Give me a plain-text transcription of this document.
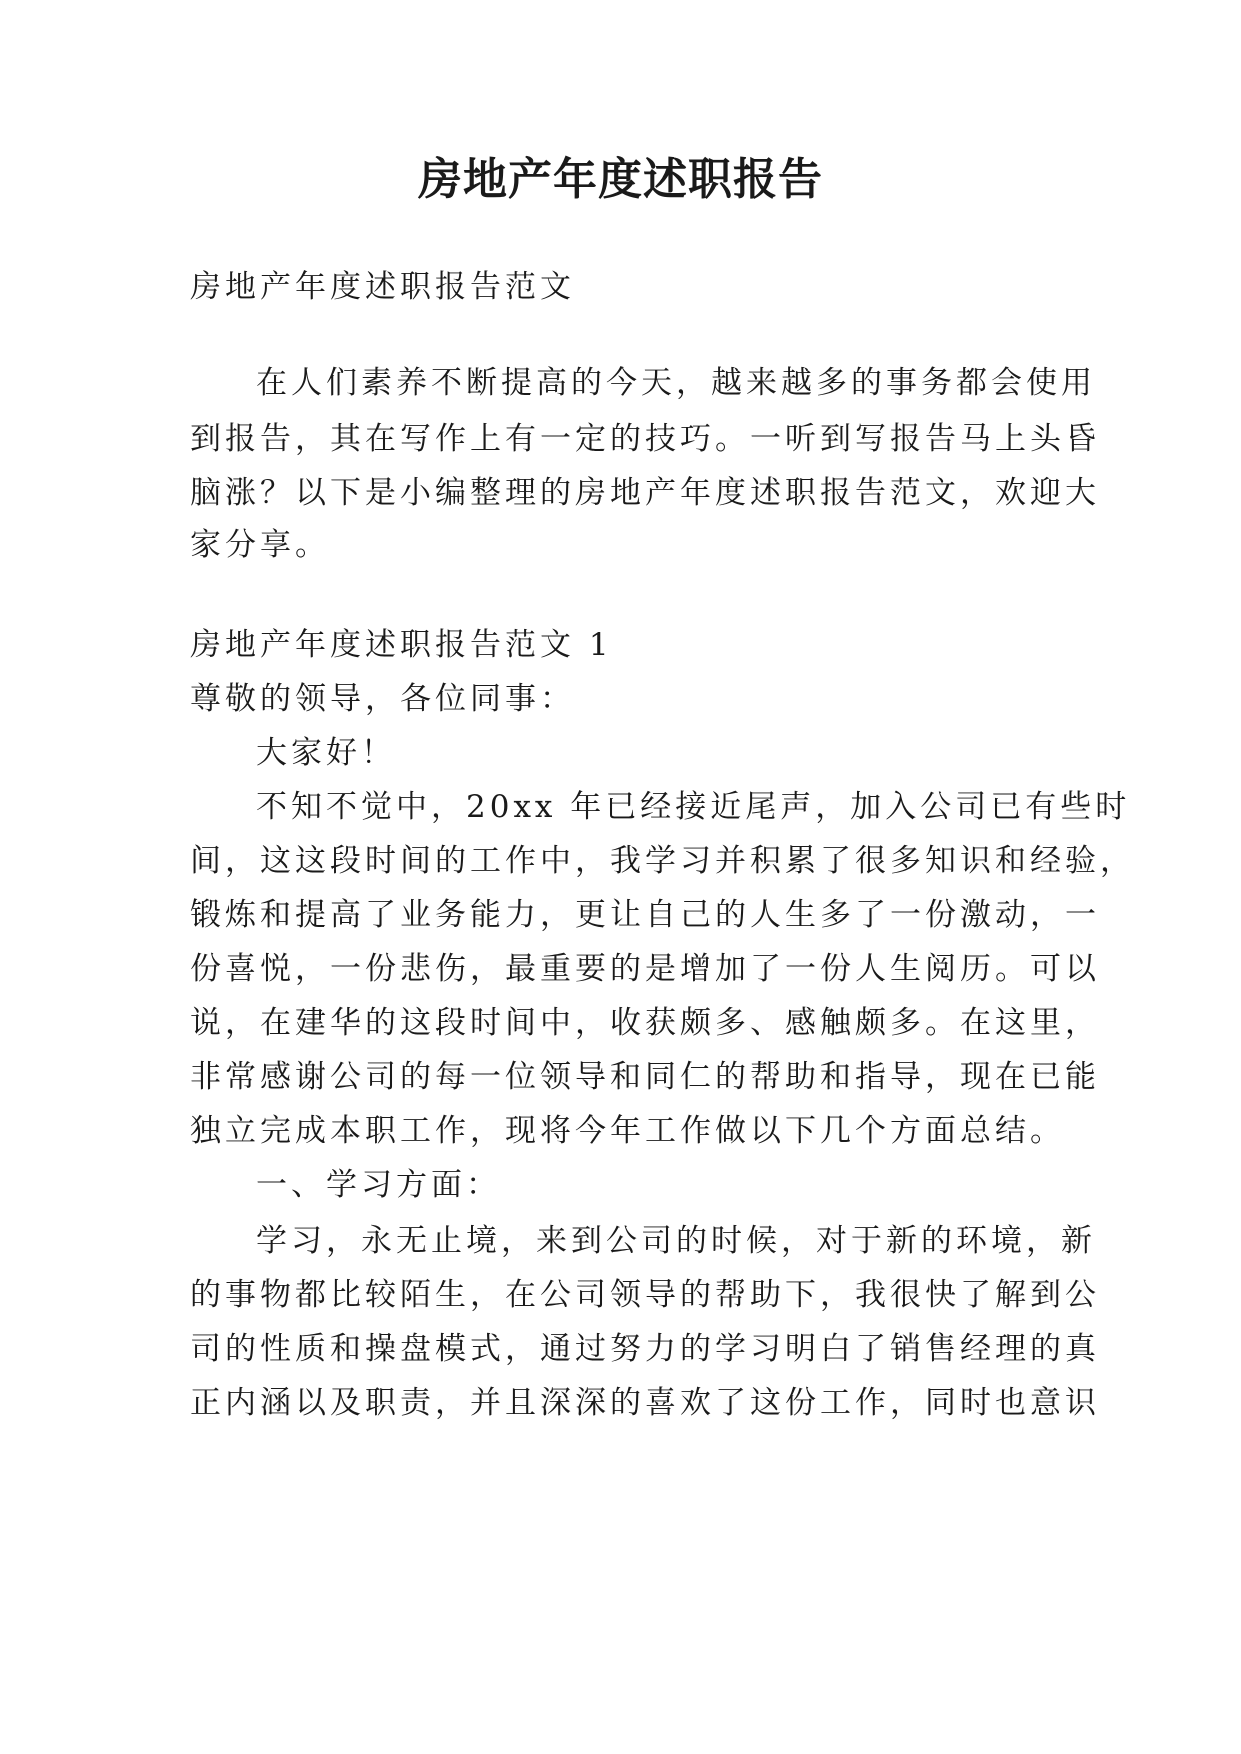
房地产年度述职报告
房地产年度述职报告范文
在人们素养不断提高的今天，越来越多的事务都会使用
到报告，其在写作上有一定的技巧。一听到写报告马上头昏
脑涨？以下是小编整理的房地产年度述职报告范文，欢迎大
家分享。
房地产年度述职报告范文 1
尊敬的领导，各位同事：
大家好！
不知不觉中，20xx 年已经接近尾声，加入公司已有些时
间，这这段时间的工作中，我学习并积累了很多知识和经验，
锻炼和提高了业务能力，更让自己的人生多了一份激动，一
份喜悦，一份悲伤，最重要的是增加了一份人生阅历。可以
说，在建华的这段时间中，收获颇多、感触颇多。在这里，
非常感谢公司的每一位领导和同仁的帮助和指导，现在已能
独立完成本职工作，现将今年工作做以下几个方面总结。
一、学习方面：
学习，永无止境，来到公司的时候，对于新的环境，新
的事物都比较陌生，在公司领导的帮助下，我很快了解到公
司的性质和操盘模式，通过努力的学习明白了销售经理的真
正内涵以及职责，并且深深的喜欢了这份工作，同时也意识
